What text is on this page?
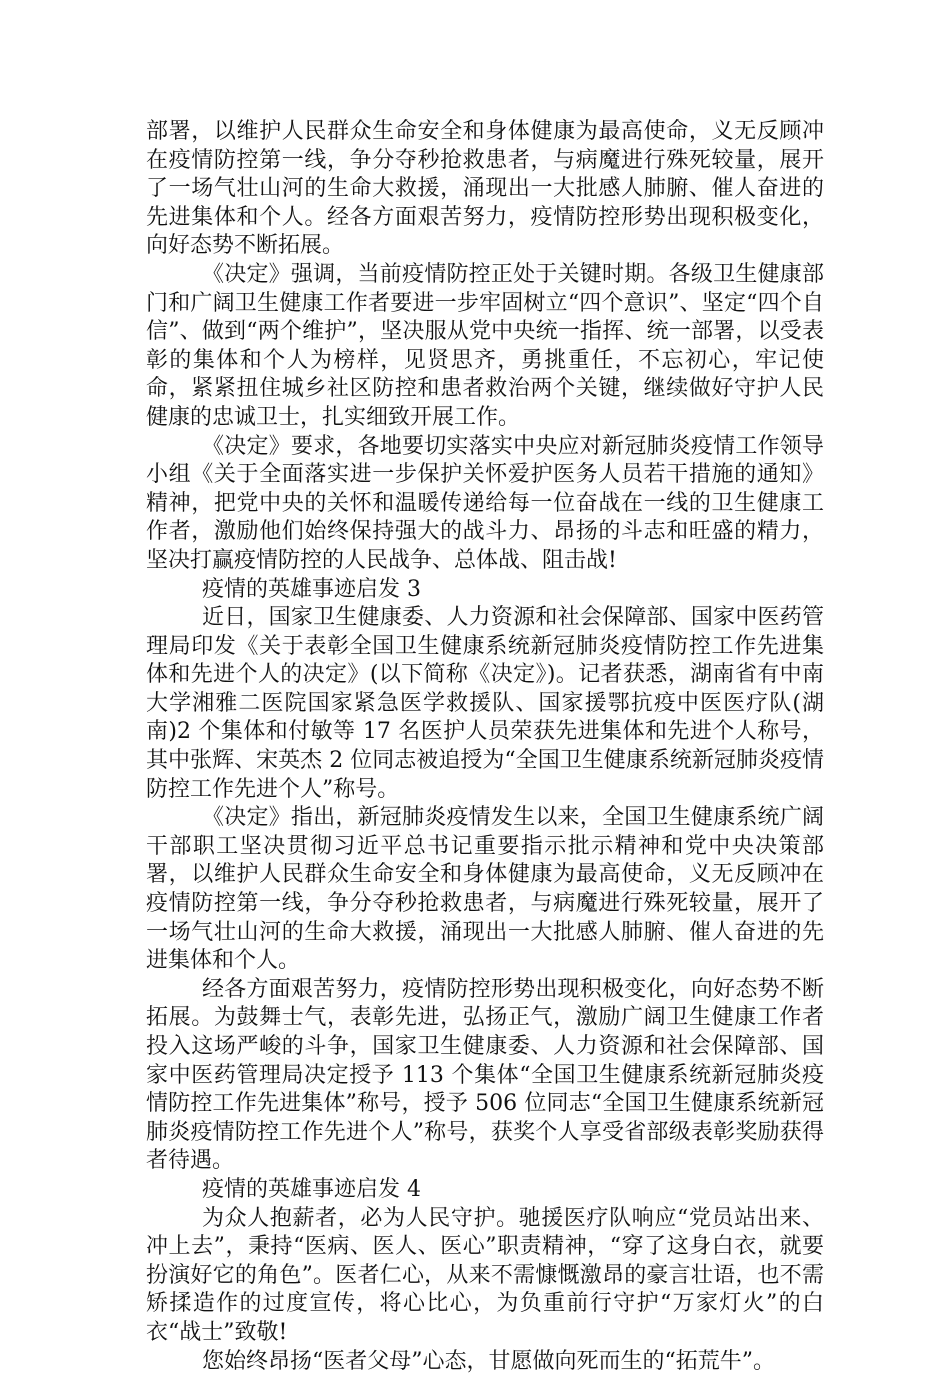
部署，以维护人民群众生命安全和身体健康为最高使命，义无反顾冲在疫情防控第一线，争分夺秒抢救患者，与病魔进行殊死较量，展开了一场气壮山河的生命大救援，涌现出一大批感人肺腑、催人奋进的先进集体和个人。经各方面艰苦努力，疫情防控形势出现积极变化，向好态势不断拓展。

《决定》强调，当前疫情防控正处于关键时期。各级卫生健康部门和广阔卫生健康工作者要进一步牢固树立“四个意识”、坚定“四个自信”、做到“两个维护”，坚决服从党中央统一指挥、统一部署，以受表彰的集体和个人为榜样，见贤思齐，勇挑重任，不忘初心，牢记使命，紧紧扭住城乡社区防控和患者救治两个关键，继续做好守护人民健康的忠诚卫士，扎实细致开展工作。

《决定》要求，各地要切实落实中央应对新冠肺炎疫情工作领导小组《关于全面落实进一步保护关怀爱护医务人员若干措施的通知》精神，把党中央的关怀和温暖传递给每一位奋战在一线的卫生健康工作者，激励他们始终保持强大的战斗力、昂扬的斗志和旺盛的精力，坚决打赢疫情防控的人民战争、总体战、阻击战!

疫情的英雄事迹启发 3

近日，国家卫生健康委、人力资源和社会保障部、国家中医药管理局印发《关于表彰全国卫生健康系统新冠肺炎疫情防控工作先进集体和先进个人的决定》(以下简称《决定》)。记者获悉，湖南省有中南大学湘雅二医院国家紧急医学救援队、国家援鄂抗疫中医医疗队(湖南)2 个集体和付敏等 17 名医护人员荣获先进集体和先进个人称号，其中张辉、宋英杰 2 位同志被追授为“全国卫生健康系统新冠肺炎疫情防控工作先进个人”称号。

《决定》指出，新冠肺炎疫情发生以来，全国卫生健康系统广阔干部职工坚决贯彻习近平总书记重要指示批示精神和党中央决策部署，以维护人民群众生命安全和身体健康为最高使命，义无反顾冲在疫情防控第一线，争分夺秒抢救患者，与病魔进行殊死较量，展开了一场气壮山河的生命大救援，涌现出一大批感人肺腑、催人奋进的先进集体和个人。

经各方面艰苦努力，疫情防控形势出现积极变化，向好态势不断拓展。为鼓舞士气，表彰先进，弘扬正气，激励广阔卫生健康工作者投入这场严峻的斗争，国家卫生健康委、人力资源和社会保障部、国家中医药管理局决定授予 113 个集体“全国卫生健康系统新冠肺炎疫情防控工作先进集体”称号，授予 506 位同志“全国卫生健康系统新冠肺炎疫情防控工作先进个人”称号，获奖个人享受省部级表彰奖励获得者待遇。

疫情的英雄事迹启发 4

为众人抱薪者，必为人民守护。驰援医疗队响应“党员站出来、冲上去”，秉持“医病、医人、医心”职责精神，“穿了这身白衣，就要扮演好它的角色”。医者仁心，从来不需慷慨激昂的豪言壮语，也不需矫揉造作的过度宣传，将心比心，为负重前行守护“万家灯火”的白衣“战士”致敬!

您始终昂扬“医者父母”心态，甘愿做向死而生的“拓荒牛”。
